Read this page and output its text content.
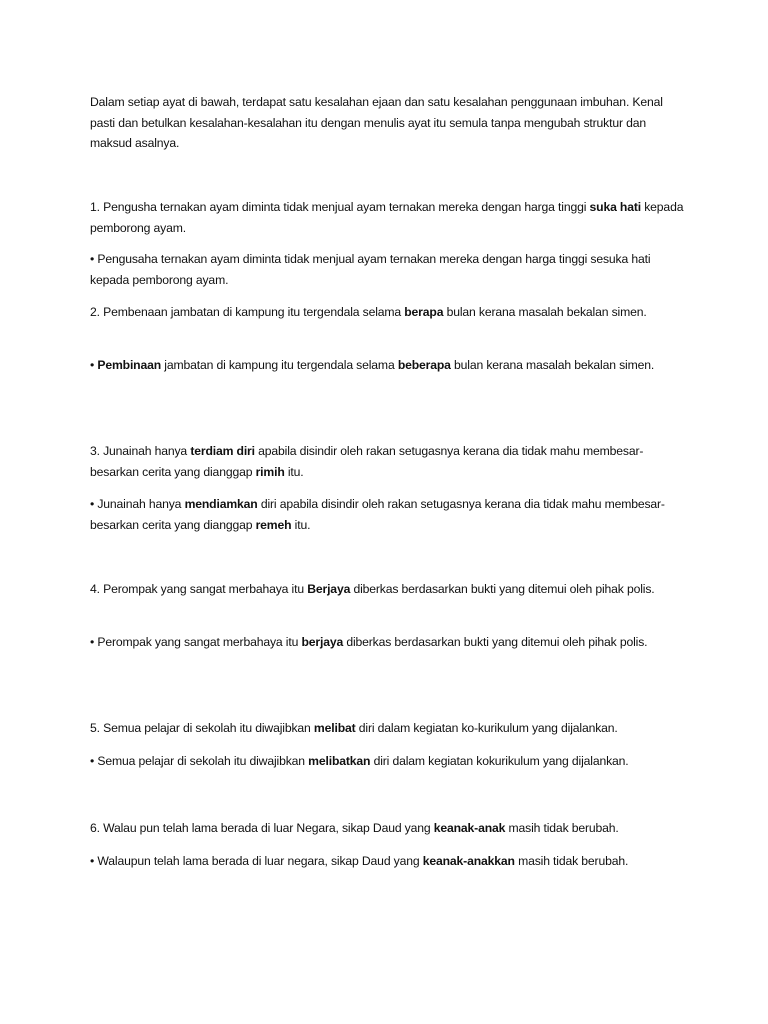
Dalam setiap ayat di bawah, terdapat satu kesalahan ejaan dan satu kesalahan penggunaan imbuhan. Kenal pasti dan betulkan kesalahan-kesalahan itu dengan menulis ayat itu semula tanpa mengubah struktur dan maksud asalnya.

1. Pengusha ternakan ayam diminta tidak menjual ayam ternakan mereka dengan harga tinggi suka hati kepada pemborong ayam.

• Pengusaha ternakan ayam diminta tidak menjual ayam ternakan mereka dengan harga tinggi sesuka hati kepada pemborong ayam.

2. Pembenaan jambatan di kampung itu tergendala selama berapa bulan kerana masalah bekalan simen.

• Pembinaan jambatan di kampung itu tergendala selama beberapa bulan kerana masalah bekalan simen.

3. Junainah hanya terdiam diri apabila disindir oleh rakan setugasnya kerana dia tidak mahu membesar-besarkan cerita yang dianggap rimih itu.

• Junainah hanya mendiamkan diri apabila disindir oleh rakan setugasnya kerana dia tidak mahu membesar-besarkan cerita yang dianggap remeh itu.

4. Perompak yang sangat merbahaya itu Berjaya diberkas berdasarkan bukti yang ditemui oleh pihak polis.

• Perompak yang sangat merbahaya itu berjaya diberkas berdasarkan bukti yang ditemui oleh pihak polis.

5. Semua pelajar di sekolah itu diwajibkan melibat diri dalam kegiatan ko-kurikulum yang dijalankan.

• Semua pelajar di sekolah itu diwajibkan melibatkan diri dalam kegiatan kokurikulum yang dijalankan.

6. Walau pun telah lama berada di luar Negara, sikap Daud yang keanak-anak masih tidak berubah.

• Walaupun telah lama berada di luar negara, sikap Daud yang keanak-anakkan masih tidak berubah.
